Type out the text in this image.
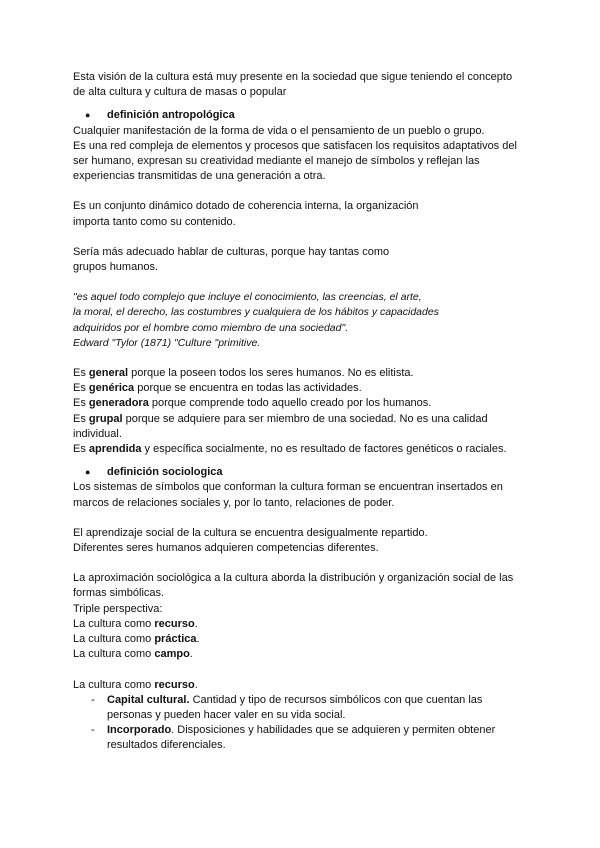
Esta visión de la cultura está muy presente en la sociedad que sigue teniendo el concepto

de alta cultura y cultura de masas o popular

●	definición antropológica

Cualquier manifestación de la forma de vida o el pensamiento de un pueblo o grupo.

Es una red compleja de elementos y procesos que satisfacen los requisitos adaptativos del

ser humano, expresan su creatividad mediante el manejo de símbolos y reflejan las

experiencias transmitidas de una generación a otra.

Es un conjunto dinámico dotado de coherencia interna, la organización

importa tanto como su contenido.

Sería más adecuado hablar de culturas, porque hay tantas como

grupos humanos.

"es aquel todo complejo que incluye el conocimiento, las creencias, el arte,

la moral, el derecho, las costumbres y cualquiera de los hábitos y capacidades

adquiridos por el hombre como miembro de una sociedad".

Edward "Tylor (1871) "Culture "primitive.

Es general porque la poseen todos los seres humanos. No es elitista.

Es genérica porque se encuentra en todas las actividades.

Es generadora porque comprende todo aquello creado por los humanos.

Es grupal porque se adquiere para ser miembro de una sociedad. No es una calidad

individual.

Es aprendida y específica socialmente, no es resultado de factores genéticos o raciales.

●	definición sociologica

Los sistemas de símbolos que conforman la cultura forman se encuentran insertados en

marcos de relaciones sociales y, por lo tanto, relaciones de poder.

El aprendizaje social de la cultura se encuentra desigualmente repartido.

Diferentes seres humanos adquieren competencias diferentes.

La aproximación sociológica a la cultura aborda la distribución y organización social de las

formas simbólicas.

Triple perspectiva:

La cultura como recurso.

La cultura como práctica.

La cultura como campo.

La cultura como recurso.

-	Capital cultural. Cantidad y tipo de recursos simbólicos con que cuentan las

personas y pueden hacer valer en su vida social.

-	Incorporado. Disposiciones y habilidades que se adquieren y permiten obtener

resultados diferenciales.
